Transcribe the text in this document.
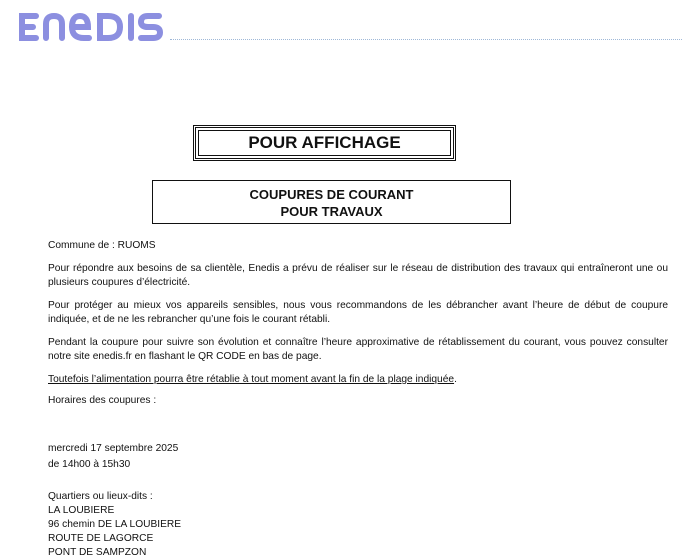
POUR AFFICHAGE
COUPURES DE COURANT
POUR TRAVAUX

Commune de : RUOMS

Pour répondre aux besoins de sa clientèle, Enedis a prévu de réaliser sur le réseau de distribution des travaux qui entraîneront une ou plusieurs coupures d’électricité.

Pour protéger au mieux vos appareils sensibles, nous vous recommandons de les débrancher avant l’heure de début de coupure indiquée, et de ne les rebrancher qu’une fois le courant rétabli.

Pendant la coupure pour suivre son évolution et connaître l’heure approximative de rétablissement du courant, vous pouvez consulter notre site enedis.fr en flashant le QR CODE en bas de page.

Toutefois l’alimentation pourra être rétablie à tout moment avant la fin de la plage indiquée.

Horaires des coupures :

mercredi 17 septembre 2025

de 14h00 à 15h30

Quartiers ou lieux-dits :

LA LOUBIERE

96 chemin DE LA LOUBIERE

ROUTE DE LAGORCE

PONT DE SAMPZON
